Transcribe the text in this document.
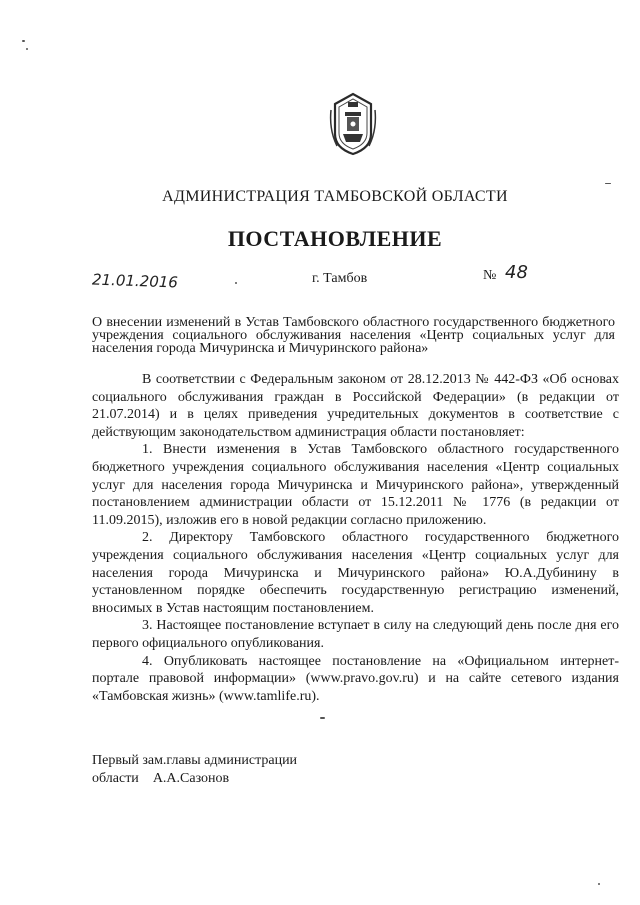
АДМИНИСТРАЦИЯ ТАМБОВСКОЙ ОБЛАСТИ
ПОСТАНОВЛЕНИЕ
21.01.2016	г. Тамбов	№ 48
О внесении изменений в Устав Тамбовского областного государственного бюджетного учреждения социального обслуживания населения «Центр социальных услуг для населения города Мичуринска и Мичуринского района»

В соответствии с Федеральным законом от 28.12.2013 № 442-ФЗ «Об основах социального обслуживания граждан в Российской Федерации» (в редакции от 21.07.2014) и в целях приведения учредительных документов в соответствие с действующим законодательством администрация области постановляет:

1. Внести изменения в Устав Тамбовского областного государственного бюджетного учреждения социального обслуживания населения «Центр социальных услуг для населения города Мичуринска и Мичуринского района», утвержденный постановлением администрации области от 15.12.2011 № 1776 (в редакции от 11.09.2015), изложив его в новой редакции согласно приложению.

2. Директору Тамбовского областного государственного бюджетного учреждения социального обслуживания населения «Центр социальных услуг для населения города Мичуринска и Мичуринского района» Ю.А.Дубинину в установленном порядке обеспечить государственную регистрацию изменений, вносимых в Устав настоящим постановлением.

3. Настоящее постановление вступает в силу на следующий день после дня его первого официального опубликования.

4. Опубликовать настоящее постановление на «Официальном интернет-портале правовой информации» (www.pravo.gov.ru) и на сайте сетевого издания «Тамбовская жизнь» (www.tamlife.ru).

Первый зам.главы администрации
области А.А.Сазонов
